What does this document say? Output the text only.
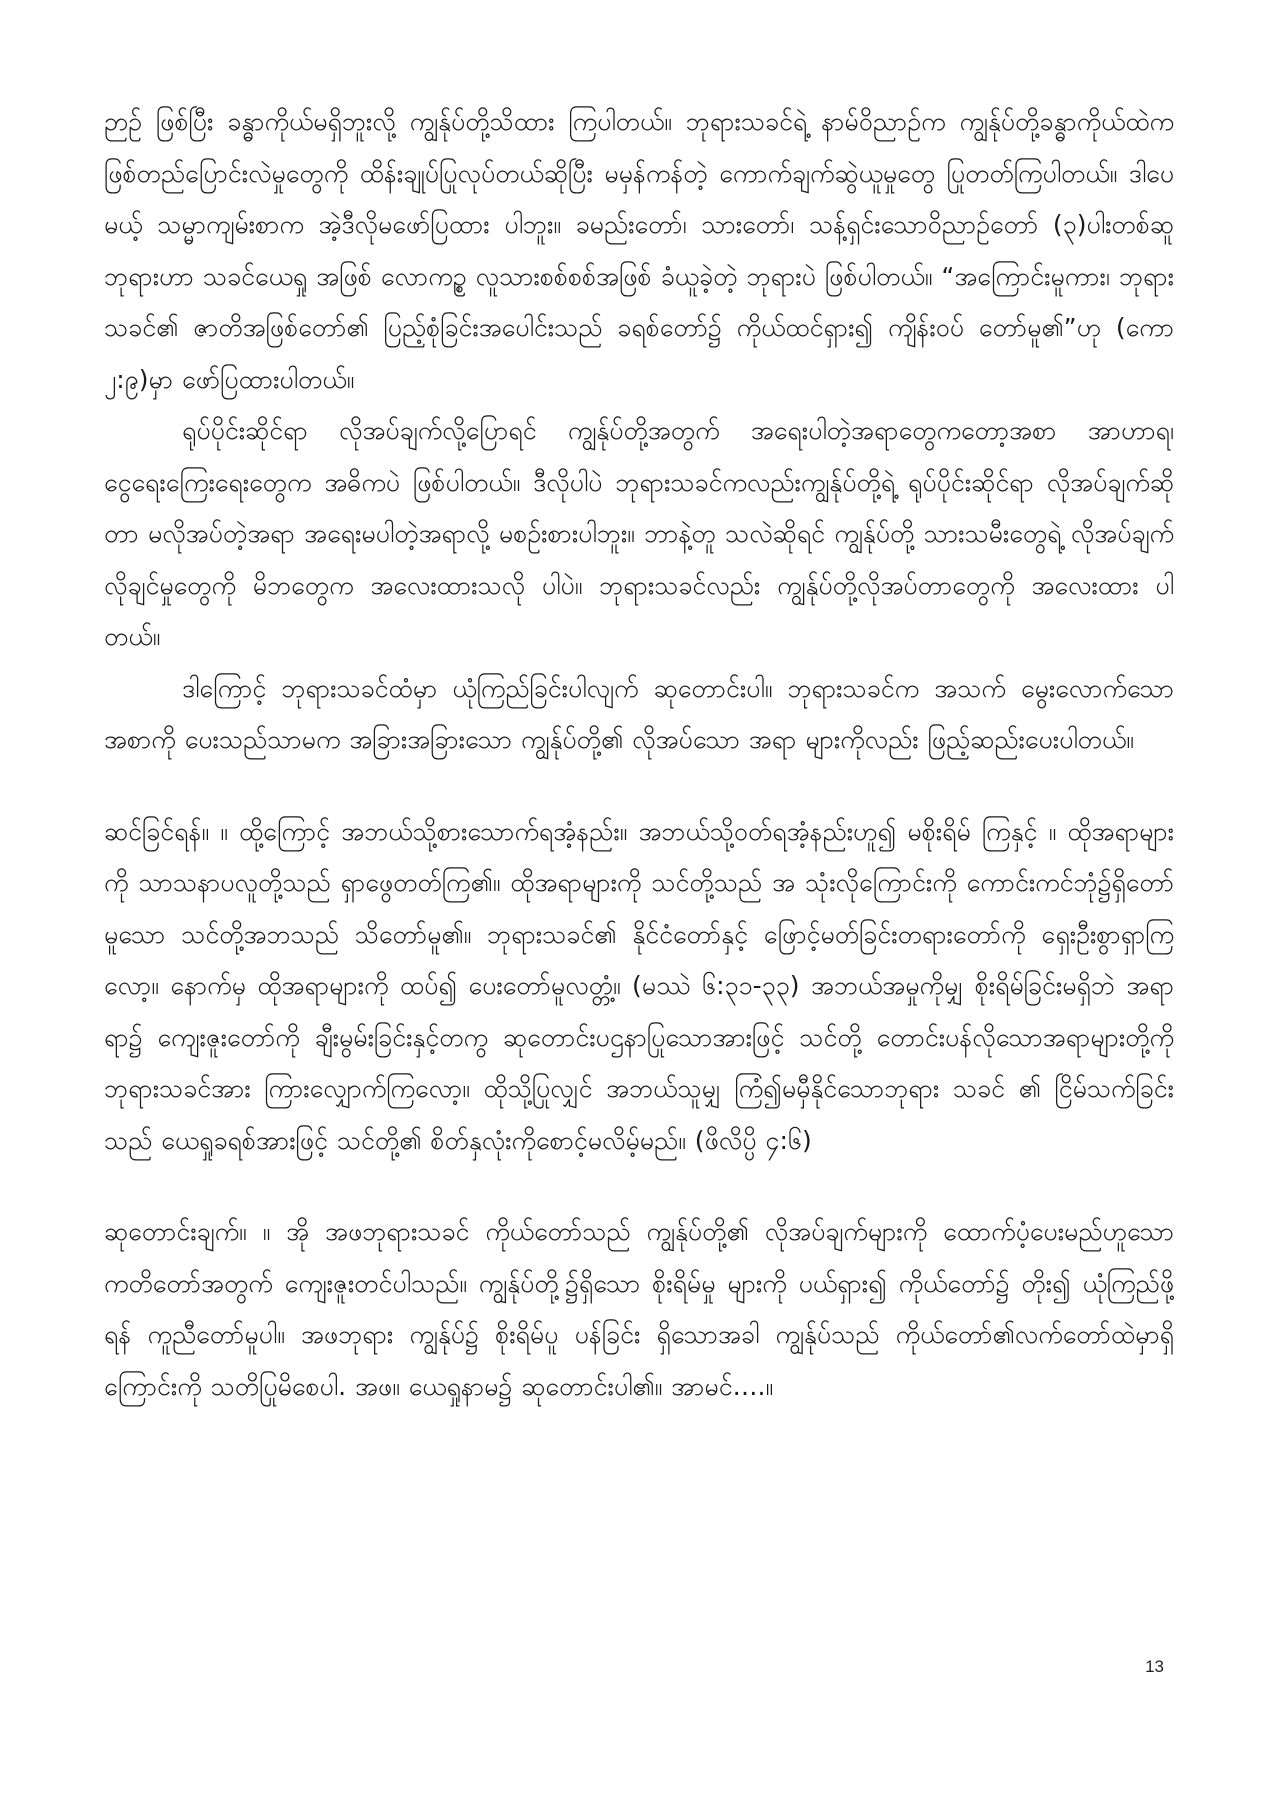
ဉာဉ် ဖြစ်ပြီး ခန္ဓာကိုယ်မရှိဘူးလို့ ကျွန်ုပ်တို့သိထား ကြပါတယ်။ ဘုရားသခင်ရဲ့ နာမ်ဝိညာဉ်က ကျွန်ုပ်တို့ခန္ဓာကိုယ်ထဲက ဖြစ်တည်ပြောင်းလဲမှုတွေကို ထိန်းချုပ်ပြုလုပ်တယ်ဆိုပြီး မမှန်ကန်တဲ့ ကောက်ချက်ဆွဲယူမှုတွေ ပြုတတ်ကြပါတယ်။ ဒါပေမယ့် သမ္မာကျမ်းစာက အဲ့ဒီလိုမဖော်ပြထား ပါဘူး။ ခမည်းတော်၊ သားတော်၊ သန့်ရှင်းသောဝိညာဉ်တော် (၃)ပါးတစ်ဆူ ဘုရားဟာ သခင်ယေရှု အဖြစ် လောကဥ္စ လူသားစစ်စစ်အဖြစ် ခံယူခဲ့တဲ့ ဘုရားပဲ ဖြစ်ပါတယ်။ “အကြောင်းမူကား၊ ဘုရား သခင်၏ ဇာတိအဖြစ်တော်၏ ပြည့်စုံခြင်းအပေါင်းသည် ခရစ်တော်၌ ကိုယ်ထင်ရှား၍ ကျိန်းဝပ် တော်မူ၏”ဟု (ကော ၂:၉)မှာ ဖော်ပြထားပါတယ်။

ရုပ်ပိုင်းဆိုင်ရာ လိုအပ်ချက်လို့ပြောရင် ကျွန်ုပ်တို့အတွက် အရေးပါတဲ့အရာတွေကတော့အစာ အာဟာရ၊ ငွေရေးကြေးရေးတွေက အဓိကပဲ ဖြစ်ပါတယ်။ ဒီလိုပါပဲ ဘုရားသခင်ကလည်းကျွန်ုပ်တို့ရဲ့ ရုပ်ပိုင်းဆိုင်ရာ လိုအပ်ချက်ဆိုတာ မလိုအပ်တဲ့အရာ အရေးမပါတဲ့အရာလို့ မစဉ်းစားပါဘူး။ ဘာနဲ့တူ သလဲဆိုရင် ကျွန်ုပ်တို့ သားသမီးတွေရဲ့ လိုအပ်ချက် လိုချင်မှုတွေကို မိဘတွေက အလေးထားသလို ပါပဲ။ ဘုရားသခင်လည်း ကျွန်ုပ်တို့လိုအပ်တာတွေကို အလေးထား ပါတယ်။

ဒါကြောင့် ဘုရားသခင်ထံမှာ ယုံကြည်ခြင်းပါလျက် ဆုတောင်းပါ။ ဘုရားသခင်က အသက် မွေးလောက်သော အစာကို ပေးသည်သာမက အခြားအခြားသော ကျွန်ုပ်တို့၏ လိုအပ်သော အရာ များကိုလည်း ဖြည့်ဆည်းပေးပါတယ်။

ဆင်ခြင်ရန်။ ။ ထို့ကြောင့် အဘယ်သို့စားသောက်ရအံ့နည်း။ အဘယ်သို့ဝတ်ရအံ့နည်းဟူ၍ မစိုးရိမ် ကြနှင့် ။ ထိုအရာများကို သာသနာပလူတို့သည် ရှာဖွေတတ်ကြ၏။ ထိုအရာများကို သင်တို့သည် အ သုံးလိုကြောင်းကို ကောင်းကင်ဘုံ၌ရှိတော်မူသော သင်တို့အဘသည် သိတော်မူ၏။ ဘုရားသခင်၏ နိုင်ငံတော်နှင့် ဖြောင့်မတ်ခြင်းတရားတော်ကို ရှေးဦးစွာရှာကြလော့။ နောက်မှ ထိုအရာများကို ထပ်၍ ပေးတော်မူလတ္တံ့။ (မဿဲ ၆:၃၁-၃၃) အဘယ်အမှုကိုမျှ စိုးရိမ်ခြင်းမရှိဘဲ အရာရာ၌ ကျေးဇူးတော်ကို ချီးမွမ်းခြင်းနှင့်တကွ ဆုတောင်းပဌနာပြုသောအားဖြင့် သင်တို့ တောင်းပန်လိုသောအရာများတို့ကို ဘုရားသခင်အား ကြားလျှောက်ကြလော့။ ထိုသို့ပြုလျှင် အဘယ်သူမျှ ကြံ၍မမှီနိုင်သောဘုရား သခင် ၏ ငြိမ်သက်ခြင်းသည် ယေရှုခရစ်အားဖြင့် သင်တို့၏ စိတ်နှလုံးကိုစောင့်မလိမ့်မည်။ (ဖိလိပ္ပိ ၄:၆)

ဆုတောင်းချက်။ ။ အို အဖဘုရားသခင် ကိုယ်တော်သည် ကျွန်ုပ်တို့၏ လိုအပ်ချက်များကို ထောက်ပံ့ပေးမည်ဟူသော ကတိတော်အတွက် ကျေးဇူးတင်ပါသည်။ ကျွန်ုပ်တို့၌ရှိသော စိုးရိမ်မှု များကို ပယ်ရှား၍ ကိုယ်တော်၌ တိုး၍ ယုံကြည်ဖို့ရန် ကူညီတော်မူပါ။ အဖဘုရား ကျွန်ုပ်၌ စိုးရိမ်ပူ ပန်ခြင်း ရှိသောအခါ ကျွန်ုပ်သည် ကိုယ်တော်၏လက်တော်ထဲမှာရှိကြောင်းကို သတိပြုမိစေပါ. အဖ။ ယေရှုနာမ၌ ဆုတောင်းပါ၏။ အာမင်….။

13
